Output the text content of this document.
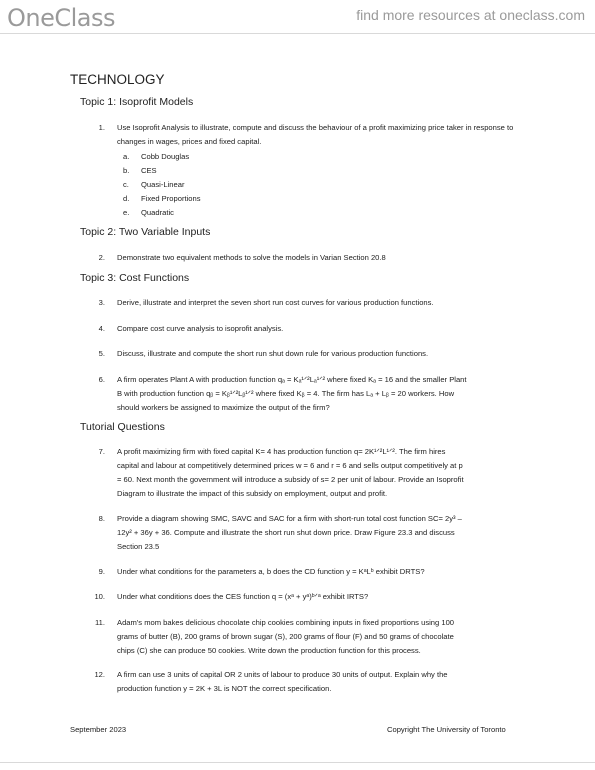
OneClass	find more resources at oneclass.com
TECHNOLOGY
Topic 1: Isoprofit Models
1. Use Isoprofit Analysis to illustrate, compute and discuss the behaviour of a profit maximizing price taker in response to changes in wages, prices and fixed capital.
a. Cobb Douglas
b. CES
c. Quasi-Linear
d. Fixed Proportions
e. Quadratic
Topic 2: Two Variable Inputs
2. Demonstrate two equivalent methods to solve the models in Varian Section 20.8
Topic 3: Cost Functions
3. Derive, illustrate and interpret the seven short run cost curves for various production functions.
4. Compare cost curve analysis to isoprofit analysis.
5. Discuss, illustrate and compute the short run shut down rule for various production functions.
6. A firm operates Plant A with production function qₐ = Kₐ¹ᐟ²Lₐ¹ᐟ² where fixed Kₐ = 16 and the smaller Plant
B with production function qᵦ = Kᵦ¹ᐟ²Lᵦ¹ᐟ² where fixed Kᵦ = 4. The firm has Lₐ + Lᵦ = 20 workers. How
should workers be assigned to maximize the output of the firm?
Tutorial Questions
7. A profit maximizing firm with fixed capital K= 4 has production function q= 2K¹ᐟ²L¹ᐟ². The firm hires
capital and labour at competitively determined prices w = 6 and r = 6 and sells output competitively at p
= 60. Next month the government will introduce a subsidy of s= 2 per unit of labour. Provide an Isoprofit
Diagram to illustrate the impact of this subsidy on employment, output and profit.
8. Provide a diagram showing SMC, SAVC and SAC for a firm with short-run total cost function SC= 2y³ –
12y² + 36y + 36. Compute and illustrate the short run shut down price. Draw Figure 23.3 and discuss
Section 23.5
9. Under what conditions for the parameters a, b does the CD function y = KᵃLᵇ exhibit DRTS?
10. Under what conditions does the CES function q = (xᵃ + yᵃ)ᵇᐟᵃ exhibit IRTS?
11. Adam's mom bakes delicious chocolate chip cookies combining inputs in fixed proportions using 100
grams of butter (B), 200 grams of brown sugar (S), 200 grams of flour (F) and 50 grams of chocolate
chips (C) she can produce 50 cookies. Write down the production function for this process.
12. A firm can use 3 units of capital OR 2 units of labour to produce 30 units of output. Explain why the
production function y = 2K + 3L is NOT the correct specification.
September 2023	Copyright The University of Toronto
